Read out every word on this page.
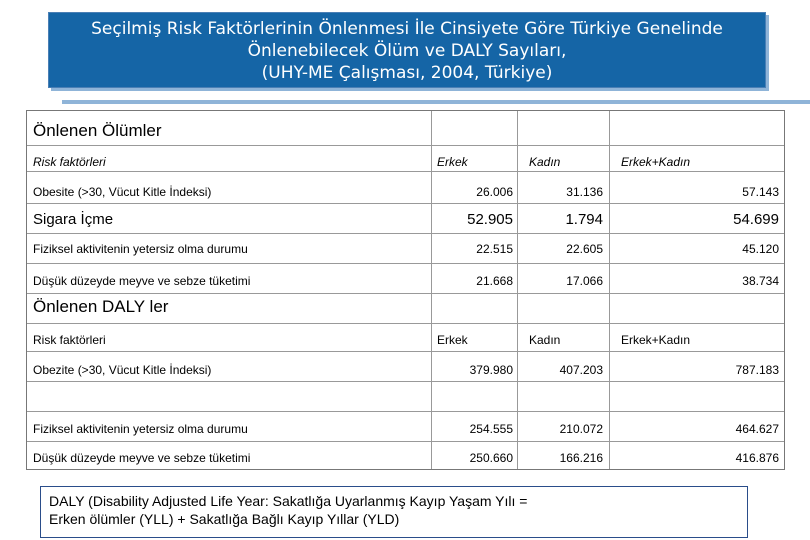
Seçilmiş Risk Faktörlerinin Önlenmesi İle Cinsiyete Göre Türkiye Genelinde
Önlenebilecek Ölüm ve DALY Sayıları,
(UHY-ME Çalışması, 2004, Türkiye)
Önlenen Ölümler
Risk faktörleri	Erkek	Kadın	Erkek+Kadın
Obesite (>30, Vücut Kitle İndeksi)	26.006	31.136	57.143
Sigara İçme	52.905	1.794	54.699
Fiziksel aktivitenin yetersiz olma durumu	22.515	22.605	45.120
Düşük düzeyde meyve ve sebze tüketimi	21.668	17.066	38.734
Önlenen DALY ler
Risk faktörleri	Erkek	Kadın	Erkek+Kadın
Obezite (>30, Vücut Kitle İndeksi)	379.980	407.203	787.183
Fiziksel aktivitenin yetersiz olma durumu	254.555	210.072	464.627
Düşük düzeyde meyve ve sebze tüketimi	250.660	166.216	416.876
DALY (Disability Adjusted Life Year: Sakatlığa Uyarlanmış Kayıp Yaşam Yılı =
Erken ölümler (YLL) + Sakatlığa Bağlı Kayıp Yıllar (YLD)
